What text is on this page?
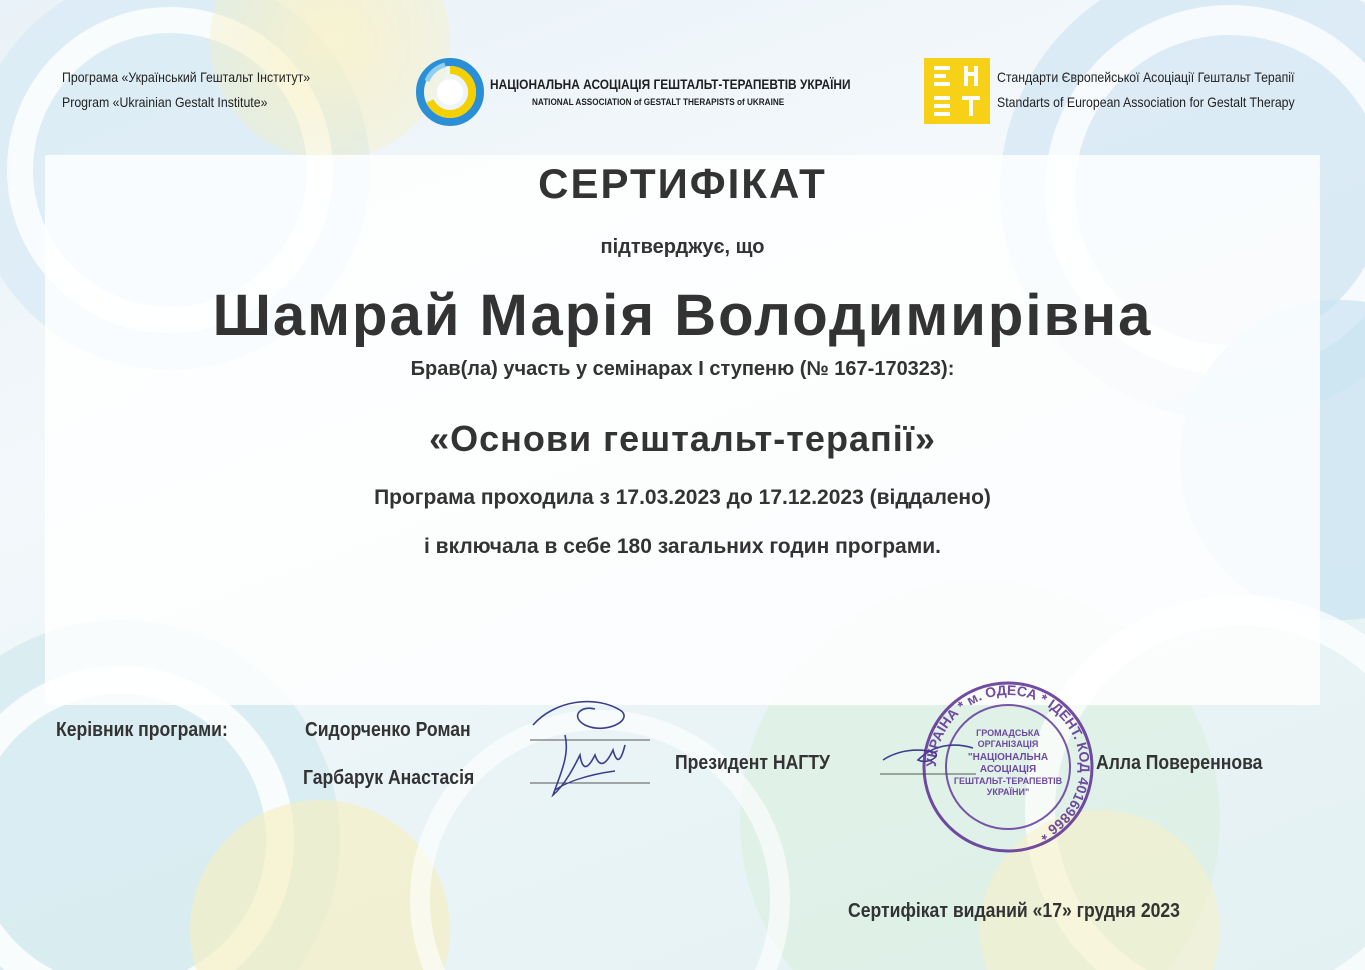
Програма «Український Гештальт Інститут»
Program «Ukrainian Gestalt Institute»
НАЦІОНАЛЬНА АСОЦІАЦІЯ ГЕШТАЛЬТ-ТЕРАПЕВТІВ УКРАЇНИ
NATIONAL ASSOCIATION of GESTALT THERAPISTS of UKRAINE
Стандарти Європейської Асоціації Гештальт Терапії
Standarts of European Association for Gestalt Therapy
СЕРТИФІКАТ
підтверджує, що
Шамрай Марія Володимирівна
Брав(ла) участь у семінарах І ступеню (№ 167-170323):
«Основи гештальт-терапії»
Програма проходила з 17.03.2023 до 17.12.2023 (віддалено)
і включала в себе 180 загальних годин програми.
Керівник програми:	Сидорченко Роман
Гарбарук Анастасія
Президент НАГТУ	УКРАЇНА * м. ОДЕСА * ІДЕНТ. КОД 40169866 *
ГРОМАДСЬКА
ОРГАНІЗАЦІЯ
"НАЦІОНАЛЬНА
АСОЦІАЦІЯ
ГЕШТАЛЬТ-ТЕРАПЕВТІВ
УКРАЇНИ"
Алла Повереннова
Сертифікат виданий «17» грудня 2023
